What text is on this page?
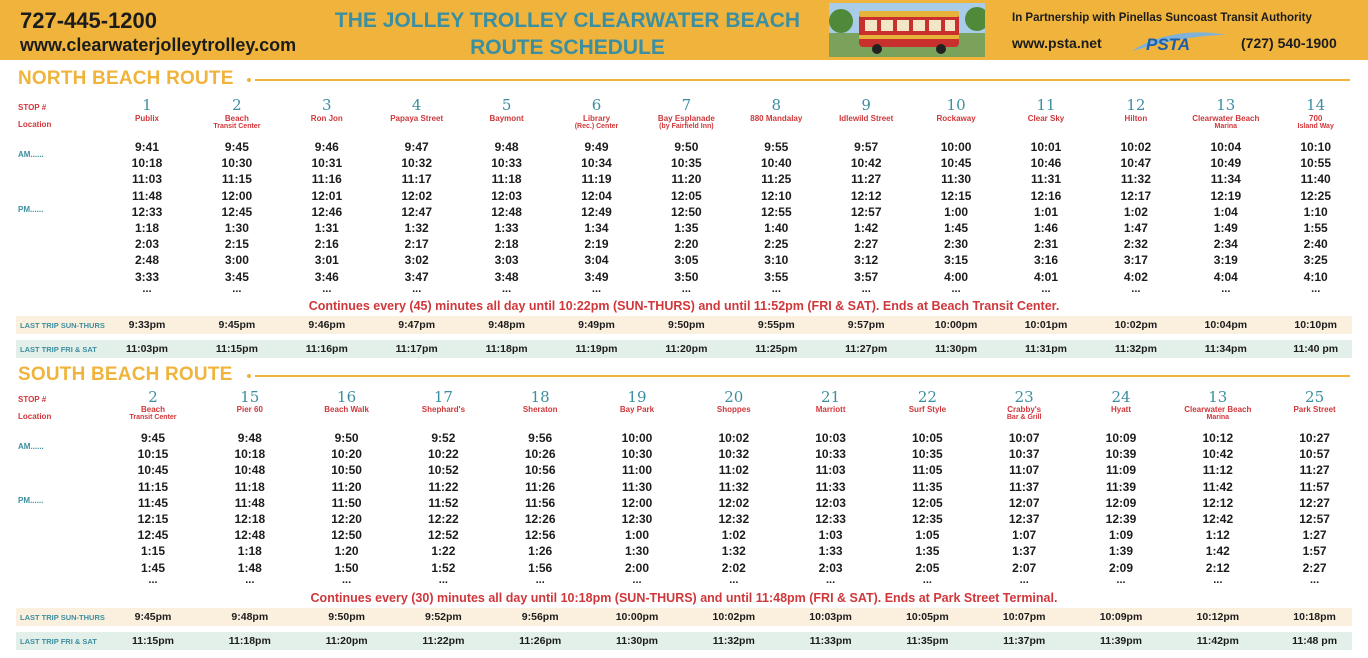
727-445-1200
www.clearwaterjolleytrolley.com
THE JOLLEY TROLLEY CLEARWATER BEACH
ROUTE SCHEDULE
In Partnership with Pinellas Suncoast Transit Authority
www.psta.net	PSTA	(727) 540-1900
NORTH BEACH ROUTE
STOP #
Location
AM......
PM......
1
Publix
9:41
10:18
11:03
11:48
12:33
1:18
2:03
2:48
3:33
...
2
Beach
Transit Center
9:45
10:30
11:15
12:00
12:45
1:30
2:15
3:00
3:45
...
3
Ron Jon
9:46
10:31
11:16
12:01
12:46
1:31
2:16
3:01
3:46
...
4
Papaya Street
9:47
10:32
11:17
12:02
12:47
1:32
2:17
3:02
3:47
...
5
Baymont
9:48
10:33
11:18
12:03
12:48
1:33
2:18
3:03
3:48
...
6
Library
(Rec.) Center
9:49
10:34
11:19
12:04
12:49
1:34
2:19
3:04
3:49
...
7
Bay Esplanade
(by Fairfield Inn)
9:50
10:35
11:20
12:05
12:50
1:35
2:20
3:05
3:50
...
8
880 Mandalay
9:55
10:40
11:25
12:10
12:55
1:40
2:25
3:10
3:55
...
9
Idlewild Street
9:57
10:42
11:27
12:12
12:57
1:42
2:27
3:12
3:57
...
10
Rockaway
10:00
10:45
11:30
12:15
1:00
1:45
2:30
3:15
4:00
...
11
Clear Sky
10:01
10:46
11:31
12:16
1:01
1:46
2:31
3:16
4:01
...
12
Hilton
10:02
10:47
11:32
12:17
1:02
1:47
2:32
3:17
4:02
...
13
Clearwater Beach
Marina
10:04
10:49
11:34
12:19
1:04
1:49
2:34
3:19
4:04
...
14
700
Island Way
10:10
10:55
11:40
12:25
1:10
1:55
2:40
3:25
4:10
...
Continues every (45) minutes all day until 10:22pm (SUN-THURS) and until 11:52pm (FRI & SAT). Ends at Beach Transit Center.
LAST TRIP SUN-THURS
LAST TRIP FRI & SAT
9:33pm
11:03pm
9:45pm
11:15pm
9:46pm
11:16pm
9:47pm
11:17pm
9:48pm
11:18pm
9:49pm
11:19pm
9:50pm
11:20pm
9:55pm
11:25pm
9:57pm
11:27pm
10:00pm
11:30pm
10:01pm
11:31pm
10:02pm
11:32pm
10:04pm
11:34pm
10:10pm
11:40 pm
SOUTH BEACH ROUTE
STOP #
Location
AM......
PM......
2
Beach
Transit Center
9:45
10:15
10:45
11:15
11:45
12:15
12:45
1:15
1:45
...
15
Pier 60
9:48
10:18
10:48
11:18
11:48
12:18
12:48
1:18
1:48
...
16
Beach Walk
9:50
10:20
10:50
11:20
11:50
12:20
12:50
1:20
1:50
...
17
Shephard's
9:52
10:22
10:52
11:22
11:52
12:22
12:52
1:22
1:52
...
18
Sheraton
9:56
10:26
10:56
11:26
11:56
12:26
12:56
1:26
1:56
...
19
Bay Park
10:00
10:30
11:00
11:30
12:00
12:30
1:00
1:30
2:00
...
20
Shoppes
10:02
10:32
11:02
11:32
12:02
12:32
1:02
1:32
2:02
...
21
Marriott
10:03
10:33
11:03
11:33
12:03
12:33
1:03
1:33
2:03
...
22
Surf Style
10:05
10:35
11:05
11:35
12:05
12:35
1:05
1:35
2:05
...
23
Crabby's
Bar & Grill
10:07
10:37
11:07
11:37
12:07
12:37
1:07
1:37
2:07
...
24
Hyatt
10:09
10:39
11:09
11:39
12:09
12:39
1:09
1:39
2:09
...
13
Clearwater Beach
Marina
10:12
10:42
11:12
11:42
12:12
12:42
1:12
1:42
2:12
...
25
Park Street
10:27
10:57
11:27
11:57
12:27
12:57
1:27
1:57
2:27
...
Continues every (30) minutes all day until 10:18pm (SUN-THURS) and until 11:48pm (FRI & SAT). Ends at Park Street Terminal.
LAST TRIP SUN-THURS
LAST TRIP FRI & SAT
9:45pm
11:15pm
9:48pm
11:18pm
9:50pm
11:20pm
9:52pm
11:22pm
9:56pm
11:26pm
10:00pm
11:30pm
10:02pm
11:32pm
10:03pm
11:33pm
10:05pm
11:35pm
10:07pm
11:37pm
10:09pm
11:39pm
10:12pm
11:42pm
10:18pm
11:48 pm
